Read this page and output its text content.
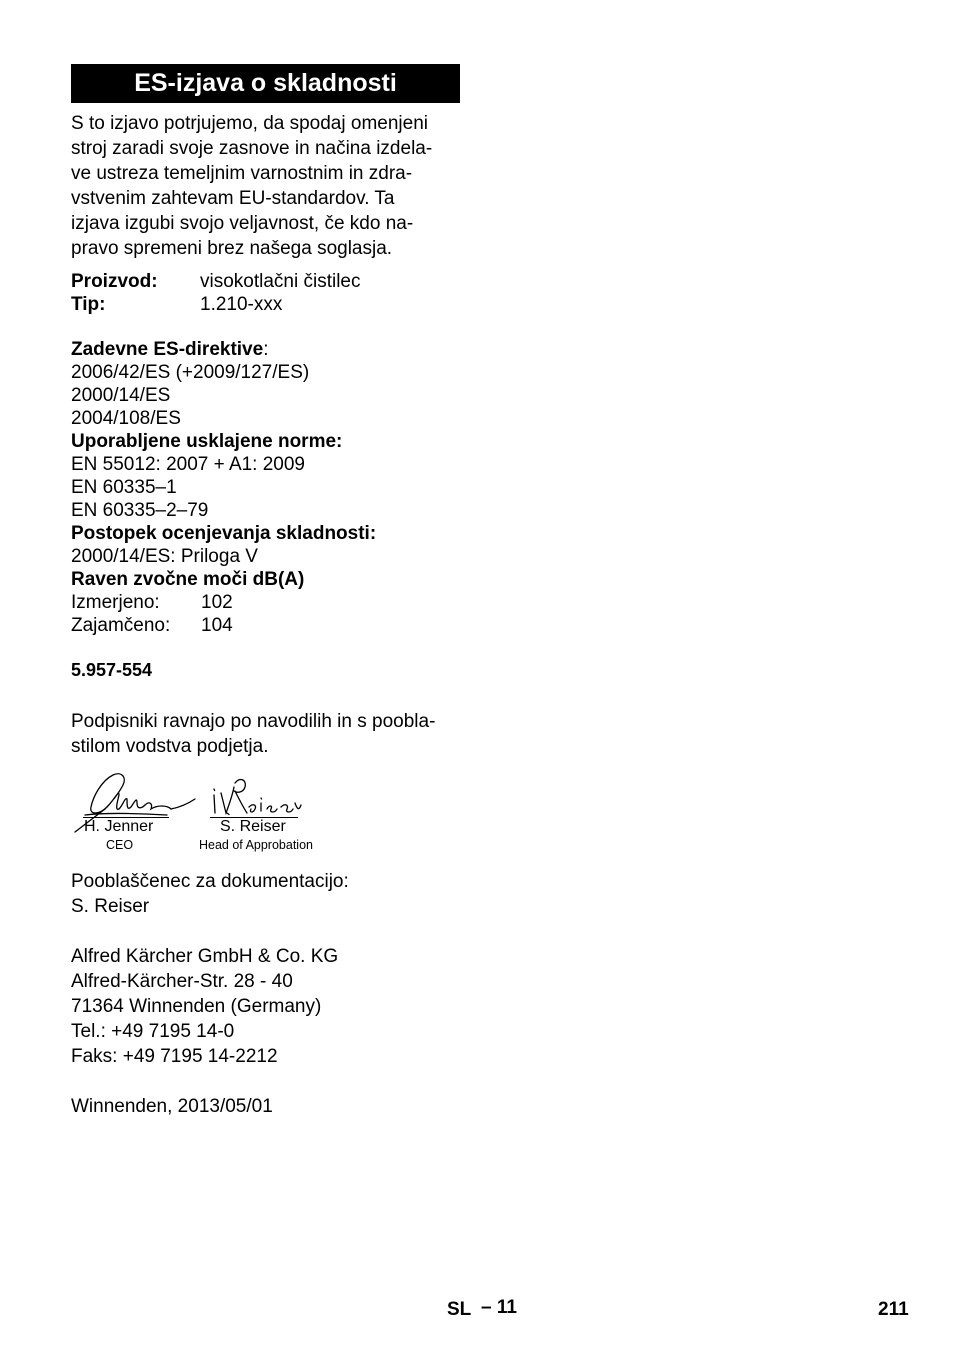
ES-izjava o skladnosti
S to izjavo potrjujemo, da spodaj omenjeni
stroj zaradi svoje zasnove in načina izdela-
ve ustreza temeljnim varnostnim in zdra-
vstvenim zahtevam EU-standardov. Ta
izjava izgubi svojo veljavnost, če kdo na-
pravo spremeni brez našega soglasja.
Proizvod:	visokotlačni čistilec
Tip:	1.210-xxx
Zadevne ES-direktive:
2006/42/ES (+2009/127/ES)
2000/14/ES
2004/108/ES
Uporabljene usklajene norme:
EN 55012: 2007 + A1: 2009
EN 60335–1
EN 60335–2–79
Postopek ocenjevanja skladnosti:
2000/14/ES: Priloga V
Raven zvočne moči dB(A)
Izmerjeno:	102
Zajamčeno:	104
5.957-554
Podpisniki ravnajo po navodilih in s poobla-
stilom vodstva podjetja.
H. Jenner
CEO
S. Reiser
Head of Approbation
Pooblaščenec za dokumentacijo:
S. Reiser
Alfred Kärcher GmbH & Co. KG
Alfred-Kärcher-Str. 28 - 40
71364 Winnenden (Germany)
Tel.: +49 7195 14-0
Faks: +49 7195 14-2212
Winnenden, 2013/05/01
SL – 11	211
